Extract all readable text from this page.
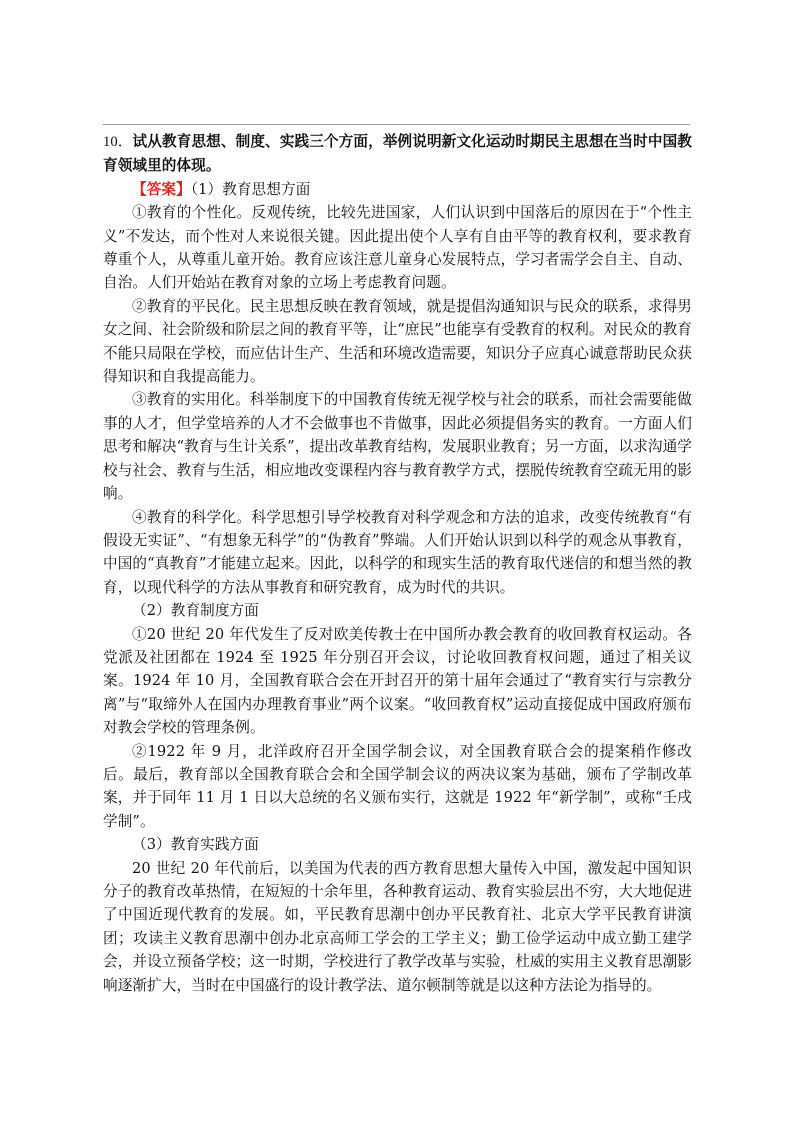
10．试从教育思想、制度、实践三个方面，举例说明新文化运动时期民主思想在当时中国教育领域里的体现。

【答案】（1）教育思想方面

①教育的个性化。反观传统，比较先进国家，人们认识到中国落后的原因在于“个性主义”不发达，而个性对人来说很关键。因此提出使个人享有自由平等的教育权利，要求教育尊重个人，从尊重儿童开始。教育应该注意儿童身心发展特点，学习者需学会自主、自动、自治。人们开始站在教育对象的立场上考虑教育问题。

②教育的平民化。民主思想反映在教育领域，就是提倡沟通知识与民众的联系，求得男女之间、社会阶级和阶层之间的教育平等，让“庶民”也能享有受教育的权利。对民众的教育不能只局限在学校，而应估计生产、生活和环境改造需要，知识分子应真心诚意帮助民众获得知识和自我提高能力。

③教育的实用化。科举制度下的中国教育传统无视学校与社会的联系，而社会需要能做事的人才，但学堂培养的人才不会做事也不肯做事，因此必须提倡务实的教育。一方面人们思考和解决“教育与生计关系”，提出改革教育结构，发展职业教育；另一方面，以求沟通学校与社会、教育与生活，相应地改变课程内容与教育教学方式，摆脱传统教育空疏无用的影响。

④教育的科学化。科学思想引导学校教育对科学观念和方法的追求，改变传统教育“有假设无实证”、“有想象无科学”的“伪教育”弊端。人们开始认识到以科学的观念从事教育，中国的“真教育”才能建立起来。因此，以科学的和现实生活的教育取代迷信的和想当然的教育，以现代科学的方法从事教育和研究教育，成为时代的共识。

（2）教育制度方面

①20 世纪 20 年代发生了反对欧美传教士在中国所办教会教育的收回教育权运动。各党派及社团都在 1924 至 1925 年分别召开会议，讨论收回教育权问题，通过了相关议案。1924 年 10 月，全国教育联合会在开封召开的第十届年会通过了“教育实行与宗教分离”与“取缔外人在国内办理教育事业”两个议案。“收回教育权”运动直接促成中国政府颁布对教会学校的管理条例。

②1922 年 9 月，北洋政府召开全国学制会议，对全国教育联合会的提案稍作修改后。最后，教育部以全国教育联合会和全国学制会议的两决议案为基础，颁布了学制改革案，并于同年 11 月 1 日以大总统的名义颁布实行，这就是 1922 年“新学制”，或称“壬戌学制”。

（3）教育实践方面

20 世纪 20 年代前后，以美国为代表的西方教育思想大量传入中国，激发起中国知识分子的教育改革热情，在短短的十余年里，各种教育运动、教育实验层出不穷，大大地促进了中国近现代教育的发展。如，平民教育思潮中创办平民教育社、北京大学平民教育讲演团；攻读主义教育思潮中创办北京高师工学会的工学主义；勤工俭学运动中成立勤工建学会，并设立预备学校；这一时期，学校进行了教学改革与实验，杜威的实用主义教育思潮影响逐渐扩大，当时在中国盛行的设计教学法、道尔顿制等就是以这种方法论为指导的。
